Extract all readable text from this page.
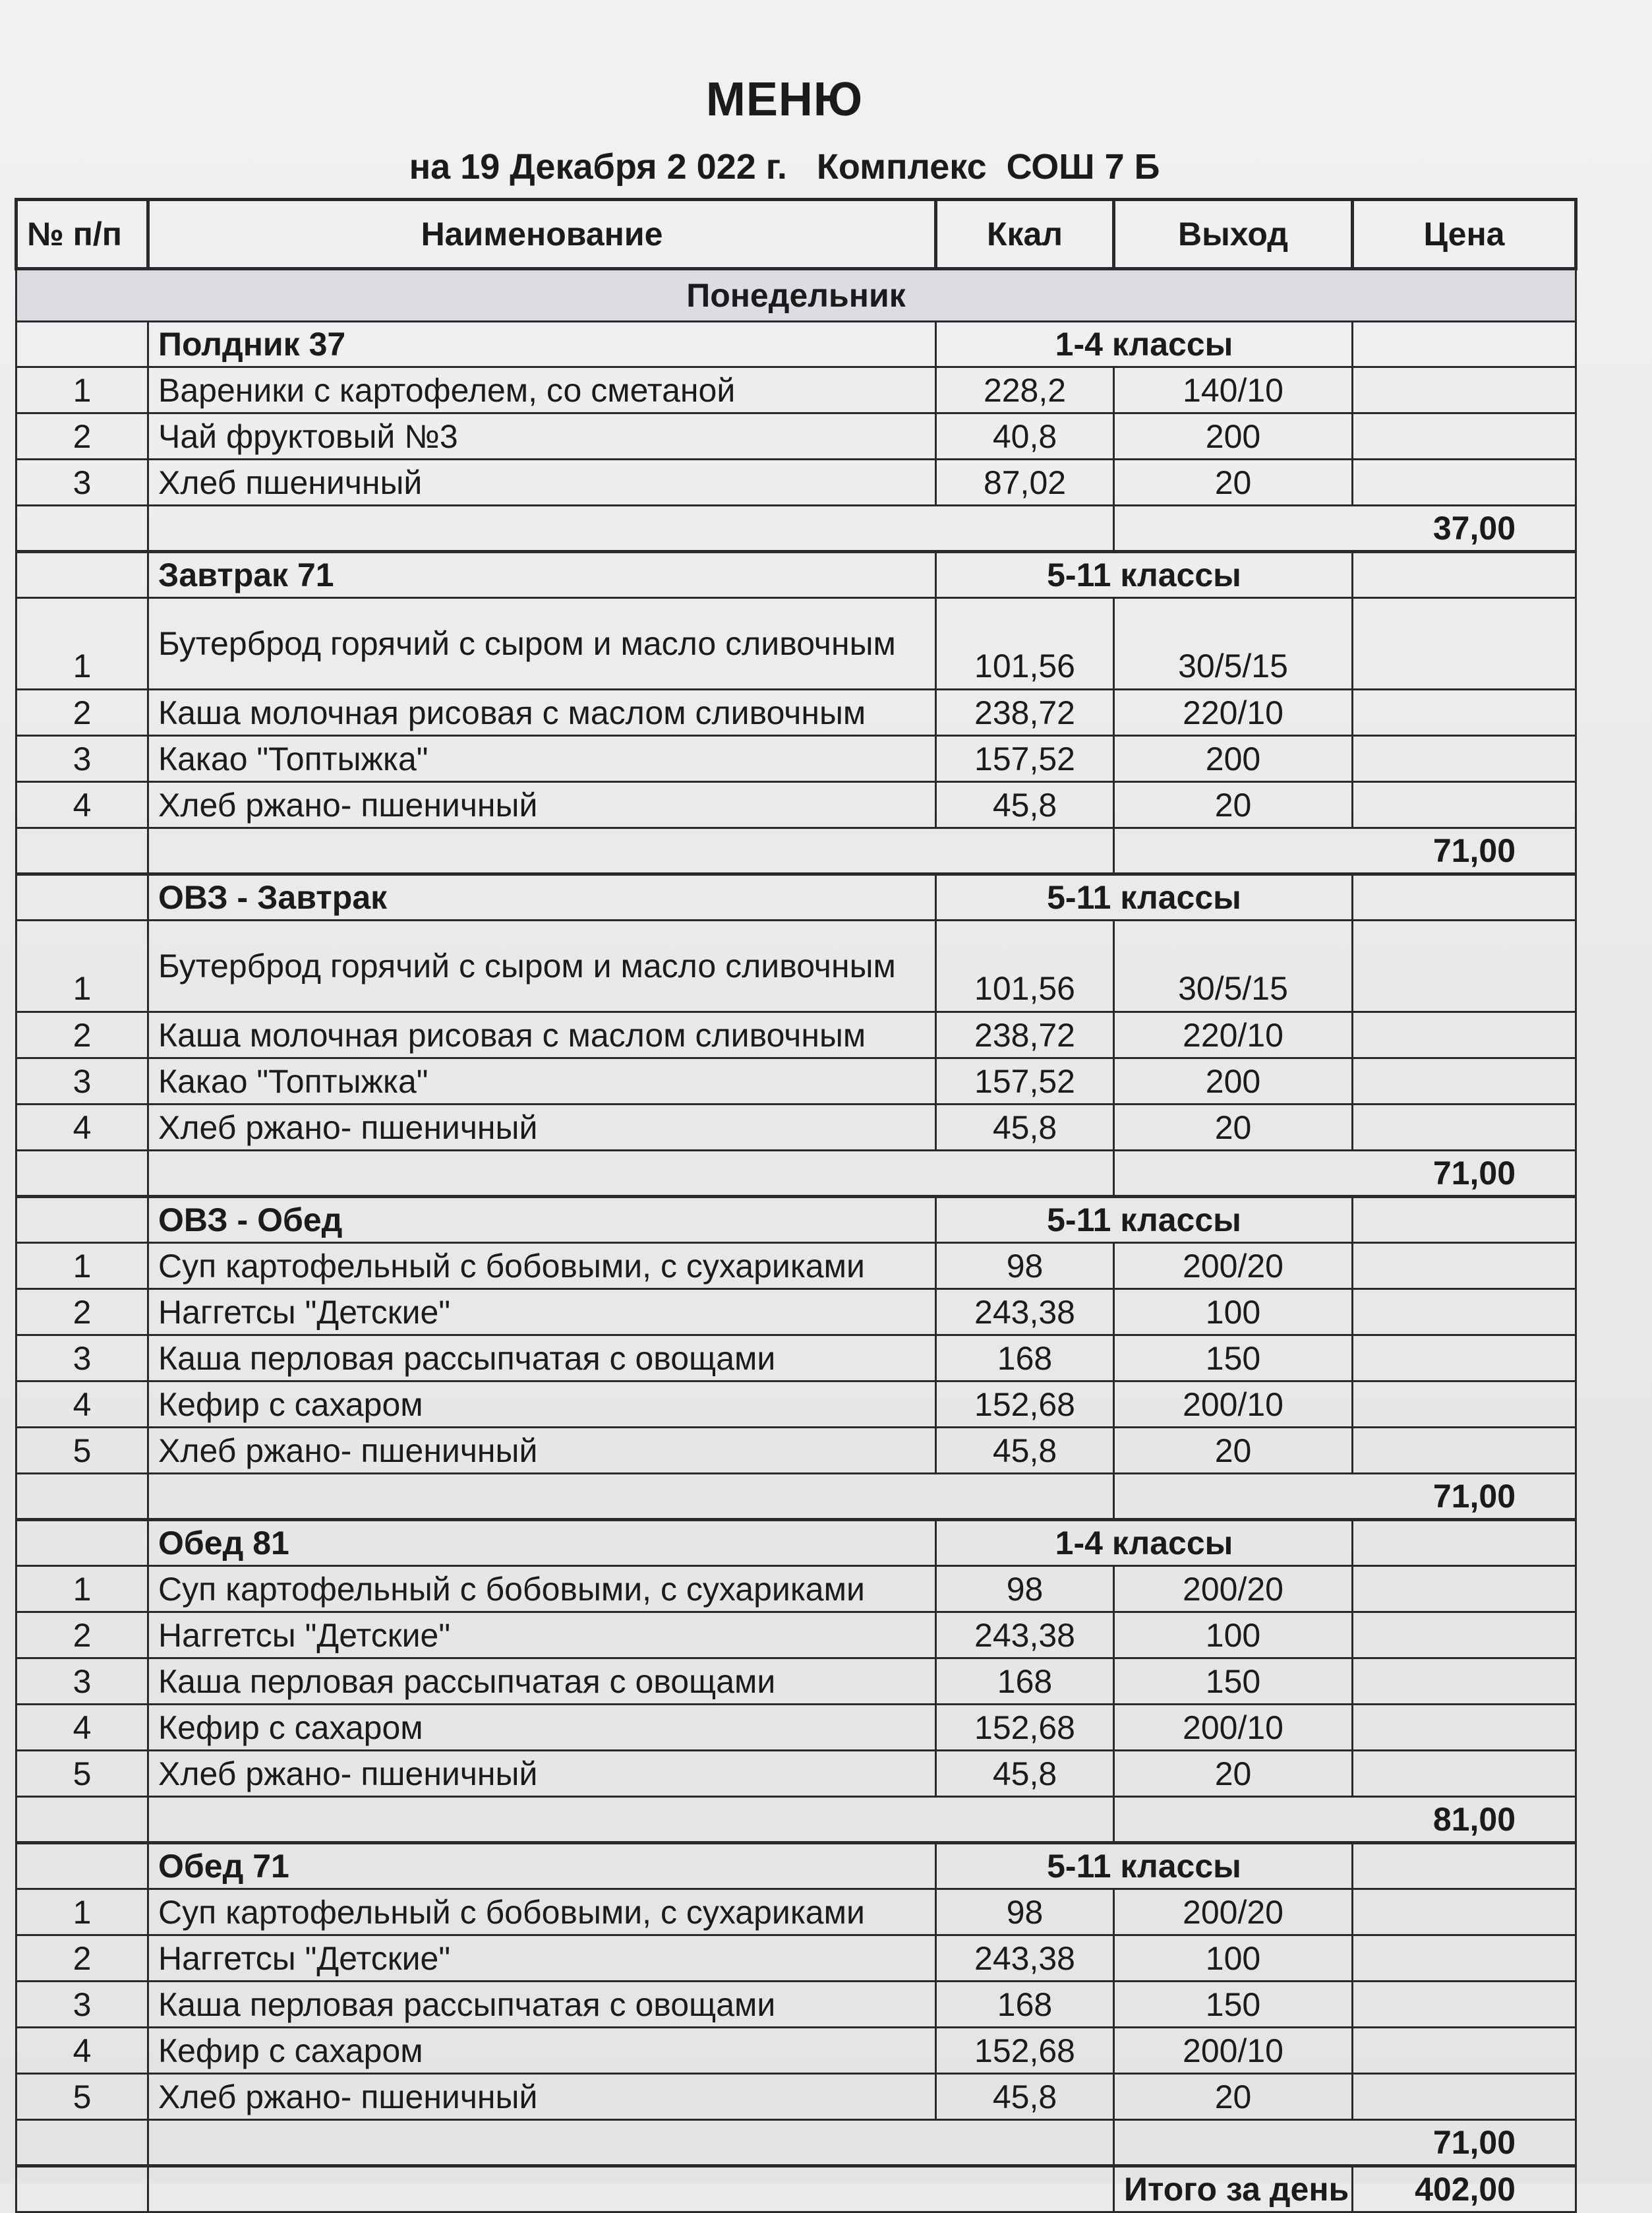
МЕНЮ
на 19 Декабря 2 022 г.   Комплекс  СОШ 7 Б
№ п/п	Наименование	Ккал	Выход	Цена
Понедельник				
	Полдник 37	1-4 классы		
1	Вареники с картофелем, со сметаной	228,2	140/10	
2	Чай фруктовый №3	40,8	200	
3	Хлеб пшеничный	87,02	20	
			37,00	
	Завтрак 71	5-11 классы		
1	Бутерброд горячий с сыром и масло сливочным	101,56	30/5/15	
2	Каша молочная рисовая с маслом сливочным	238,72	220/10	
3	Какао "Топтыжка"	157,52	200	
4	Хлеб ржано- пшеничный	45,8	20	
			71,00	
	ОВЗ - Завтрак	5-11 классы		
1	Бутерброд горячий с сыром и масло сливочным	101,56	30/5/15	
2	Каша молочная рисовая с маслом сливочным	238,72	220/10	
3	Какао "Топтыжка"	157,52	200	
4	Хлеб ржано- пшеничный	45,8	20	
			71,00	
	ОВЗ - Обед	5-11 классы		
1	Суп картофельный с бобовыми, с сухариками	98	200/20	
2	Наггетсы "Детские"	243,38	100	
3	Каша перловая рассыпчатая с овощами	168	150	
4	Кефир с сахаром	152,68	200/10	
5	Хлеб ржано- пшеничный	45,8	20	
			71,00	
	Обед 81	1-4 классы		
1	Суп картофельный с бобовыми, с сухариками	98	200/20	
2	Наггетсы "Детские"	243,38	100	
3	Каша перловая рассыпчатая с овощами	168	150	
4	Кефир с сахаром	152,68	200/10	
5	Хлеб ржано- пшеничный	45,8	20	
			81,00	
	Обед 71	5-11 классы		
1	Суп картофельный с бобовыми, с сухариками	98	200/20	
2	Наггетсы "Детские"	243,38	100	
3	Каша перловая рассыпчатая с овощами	168	150	
4	Кефир с сахаром	152,68	200/10	
5	Хлеб ржано- пшеничный	45,8	20	
			71,00	
			Итого за день	402,00
